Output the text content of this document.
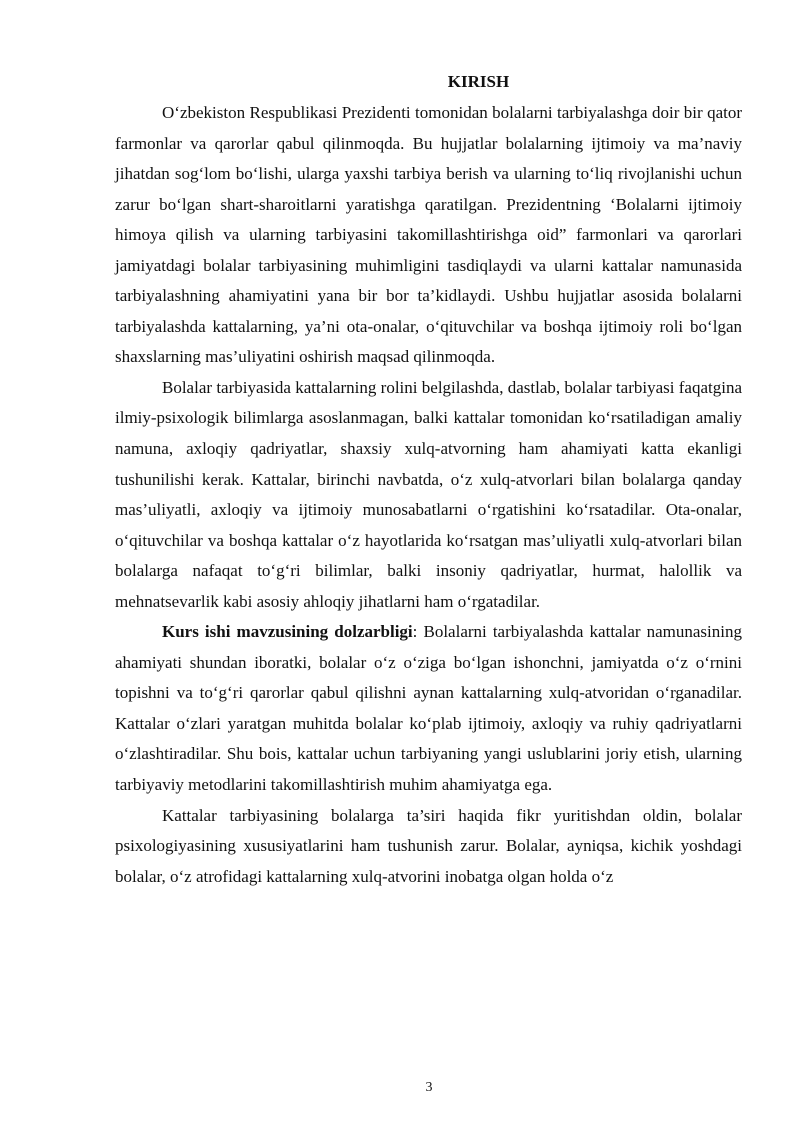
KIRISH

O‘zbekiston Respublikasi Prezidenti tomonidan bolalarni tarbiyalashga doir bir qator farmonlar va qarorlar qabul qilinmoqda. Bu hujjatlar bolalarning ijtimoiy va ma’naviy jihatdan sog‘lom bo‘lishi, ularga yaxshi tarbiya berish va ularning to‘liq rivojlanishi uchun zarur bo‘lgan shart-sharoitlarni yaratishga qaratilgan. Prezidentning ‘Bolalarni ijtimoiy himoya qilish va ularning tarbiyasini takomillashtirishga oid” farmonlari va qarorlari jamiyatdagi bolalar tarbiyasining muhimligini tasdiqlaydi va ularni kattalar namunasida tarbiyalashning ahamiyatini yana bir bor ta’kidlaydi. Ushbu hujjatlar asosida bolalarni tarbiyalashda kattalarning, ya’ni ota-onalar, o‘qituvchilar va boshqa ijtimoiy roli bo‘lgan shaxslarning mas’uliyatini oshirish maqsad qilinmoqda.

Bolalar tarbiyasida kattalarning rolini belgilashda, dastlab, bolalar tarbiyasi faqatgina ilmiy-psixologik bilimlarga asoslanmagan, balki kattalar tomonidan ko‘rsatiladigan amaliy namuna, axloqiy qadriyatlar, shaxsiy xulq-atvorning ham ahamiyati katta ekanligi tushunilishi kerak. Kattalar, birinchi navbatda, o‘z xulq-atvorlari bilan bolalarga qanday mas’uliyatli, axloqiy va ijtimoiy munosabatlarni o‘rgatishini ko‘rsatadilar. Ota-onalar, o‘qituvchilar va boshqa kattalar o‘z hayotlarida ko‘rsatgan mas’uliyatli xulq-atvorlari bilan bolalarga nafaqat to‘g‘ri bilimlar, balki insoniy qadriyatlar, hurmat, halollik va mehnatsevarlik kabi asosiy ahloqiy jihatlarni ham o‘rgatadilar.

Kurs ishi mavzusining dolzarbligi: Bolalarni tarbiyalashda kattalar namunasining ahamiyati shundan iboratki, bolalar o‘z o‘ziga bo‘lgan ishonchni, jamiyatda o‘z o‘rnini topishni va to‘g‘ri qarorlar qabul qilishni aynan kattalarning xulq-atvoridan o‘rganadilar. Kattalar o‘zlari yaratgan muhitda bolalar ko‘plab ijtimoiy, axloqiy va ruhiy qadriyatlarni o‘zlashtiradilar. Shu bois, kattalar uchun tarbiyaning yangi uslublarini joriy etish, ularning tarbiyaviy metodlarini takomillashtirish muhim ahamiyatga ega.

Kattalar tarbiyasining bolalarga ta’siri haqida fikr yuritishdan oldin, bolalar psixologiyasining xususiyatlarini ham tushunish zarur. Bolalar, ayniqsa, kichik yoshdagi bolalar, o‘z atrofidagi kattalarning xulq-atvorini inobatga olgan holda o‘z

3
